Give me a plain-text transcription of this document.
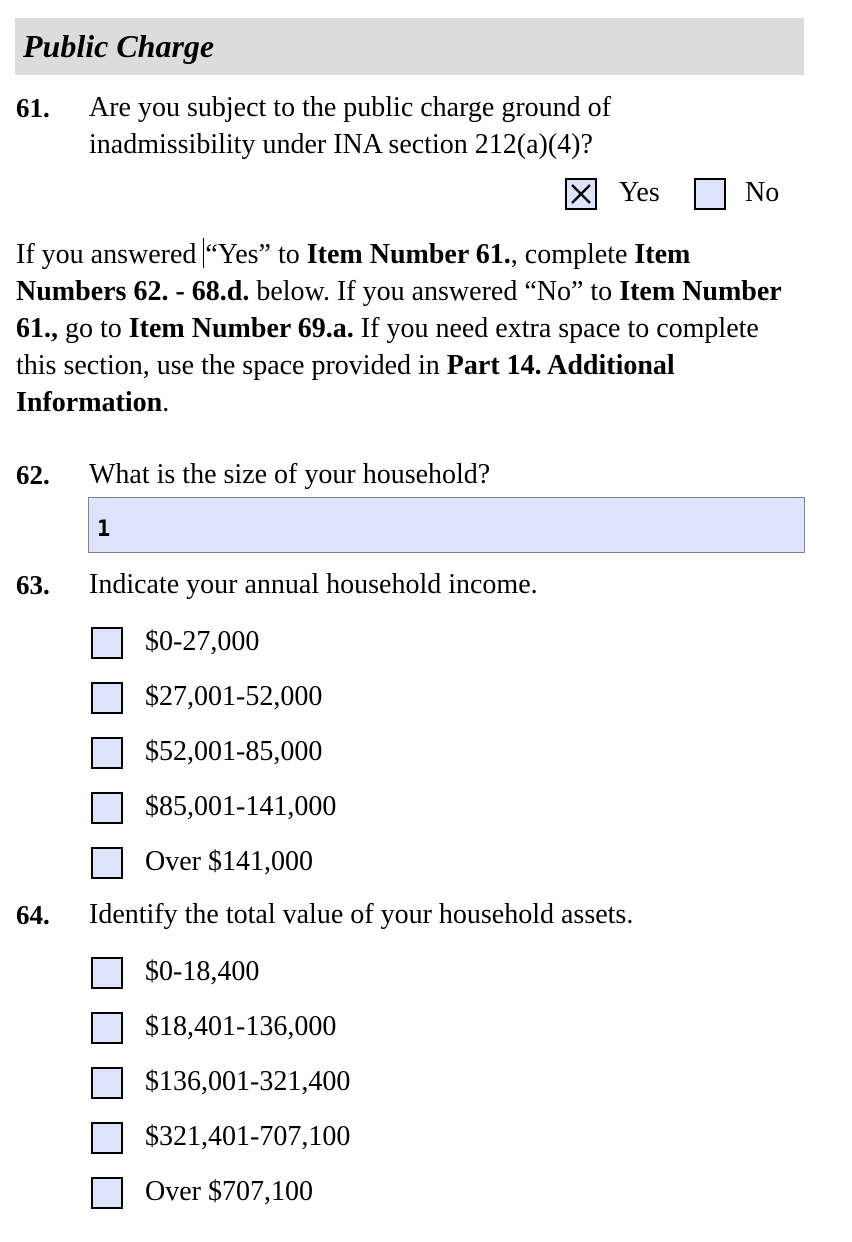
Public Charge
61. Are you subject to the public charge ground of
inadmissibility under INA section 212(a)(4)?
Yes	No
If you answered “Yes” to Item Number 61., complete Item Numbers 62. - 68.d. below. If you answered “No” to Item Number 61., go to Item Number 69.a. If you need extra space to complete this section, use the space provided in Part 14. Additional Information.
62. What is the size of your household?
1
63. Indicate your annual household income.
$0-27,000
$27,001-52,000
$52,001-85,000
$85,001-141,000
Over $141,000
64. Identify the total value of your household assets.
$0-18,400
$18,401-136,000
$136,001-321,400
$321,401-707,100
Over $707,100
